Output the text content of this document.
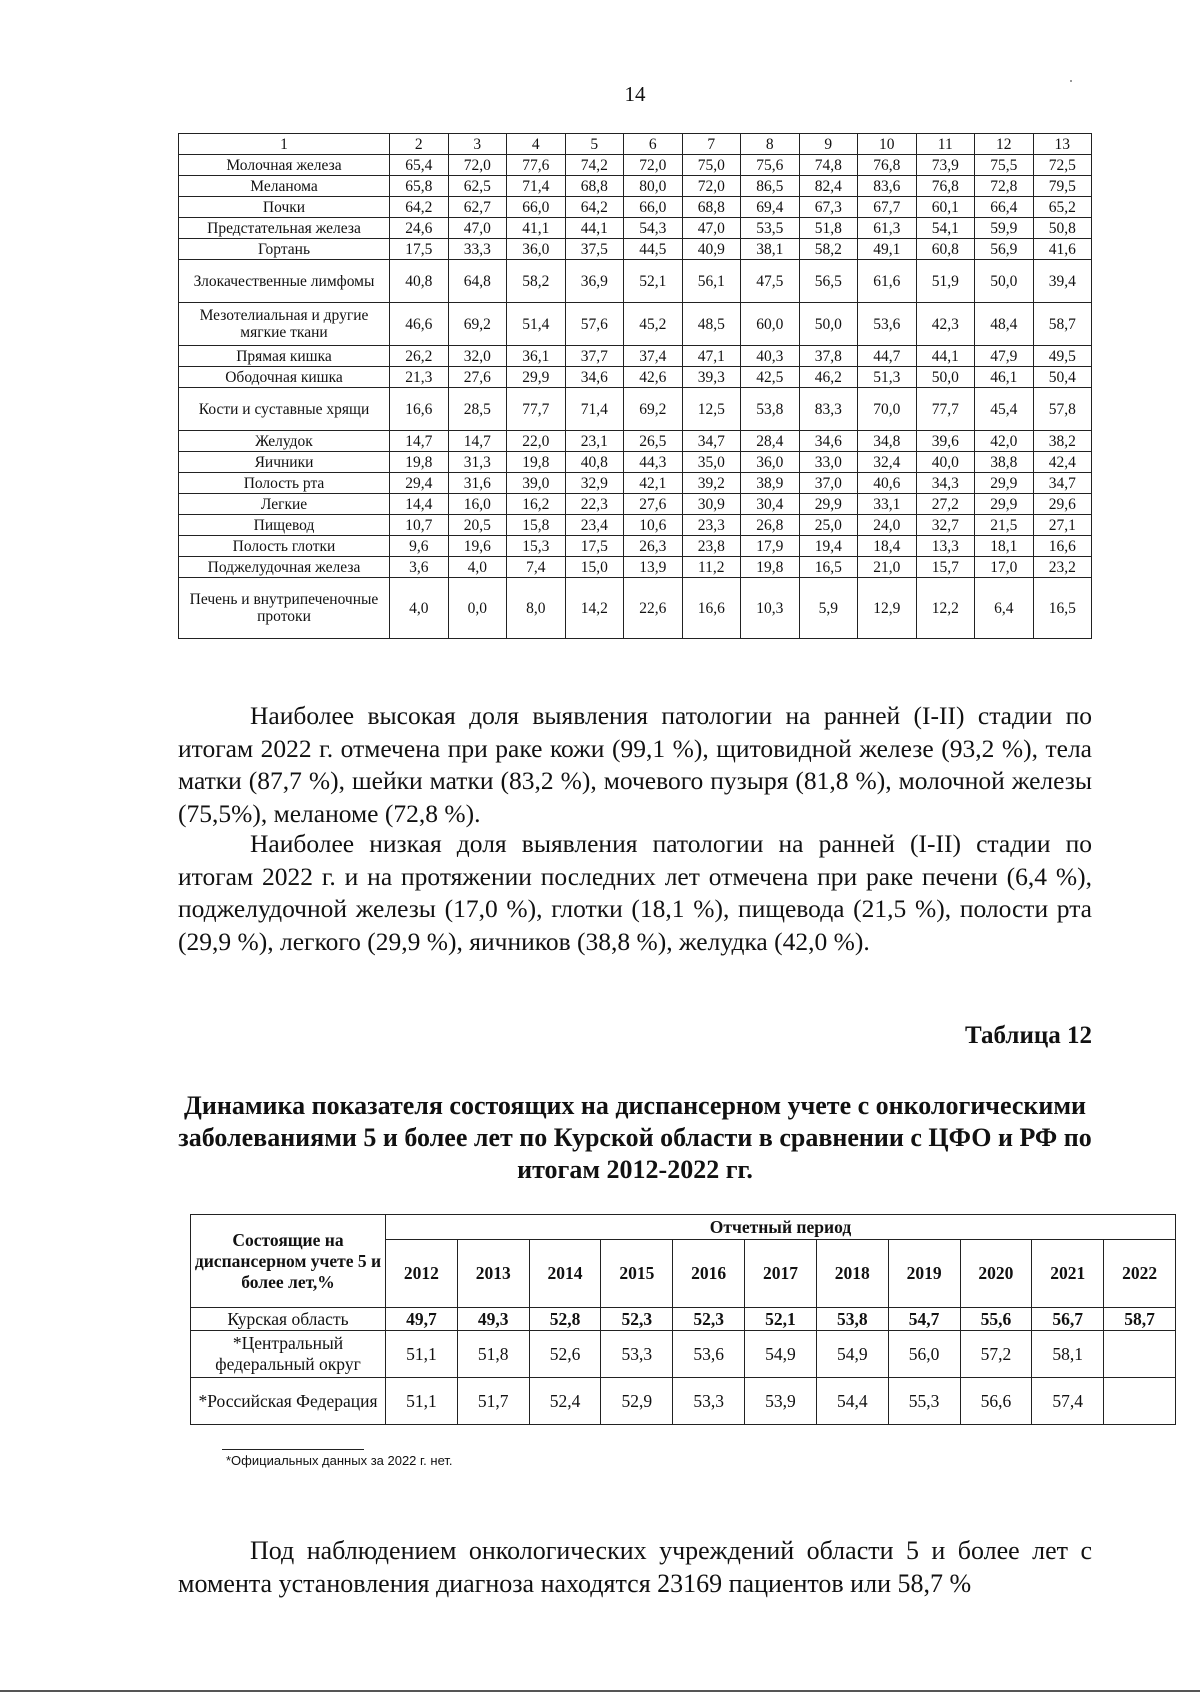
14
1	2	3	4	5	6	7	8	9	10	11	12	13
Молочная железа	65,4	72,0	77,6	74,2	72,0	75,0	75,6	74,8	76,8	73,9	75,5	72,5
Меланома	65,8	62,5	71,4	68,8	80,0	72,0	86,5	82,4	83,6	76,8	72,8	79,5
Почки	64,2	62,7	66,0	64,2	66,0	68,8	69,4	67,3	67,7	60,1	66,4	65,2
Предстательная железа	24,6	47,0	41,1	44,1	54,3	47,0	53,5	51,8	61,3	54,1	59,9	50,8
Гортань	17,5	33,3	36,0	37,5	44,5	40,9	38,1	58,2	49,1	60,8	56,9	41,6
Злокачественные лимфомы	40,8	64,8	58,2	36,9	52,1	56,1	47,5	56,5	61,6	51,9	50,0	39,4
Мезотелиальная и другие мягкие ткани	46,6	69,2	51,4	57,6	45,2	48,5	60,0	50,0	53,6	42,3	48,4	58,7
Прямая кишка	26,2	32,0	36,1	37,7	37,4	47,1	40,3	37,8	44,7	44,1	47,9	49,5
Ободочная кишка	21,3	27,6	29,9	34,6	42,6	39,3	42,5	46,2	51,3	50,0	46,1	50,4
Кости и суставные хрящи	16,6	28,5	77,7	71,4	69,2	12,5	53,8	83,3	70,0	77,7	45,4	57,8
Желудок	14,7	14,7	22,0	23,1	26,5	34,7	28,4	34,6	34,8	39,6	42,0	38,2
Яичники	19,8	31,3	19,8	40,8	44,3	35,0	36,0	33,0	32,4	40,0	38,8	42,4
Полость рта	29,4	31,6	39,0	32,9	42,1	39,2	38,9	37,0	40,6	34,3	29,9	34,7
Легкие	14,4	16,0	16,2	22,3	27,6	30,9	30,4	29,9	33,1	27,2	29,9	29,6
Пищевод	10,7	20,5	15,8	23,4	10,6	23,3	26,8	25,0	24,0	32,7	21,5	27,1
Полость глотки	9,6	19,6	15,3	17,5	26,3	23,8	17,9	19,4	18,4	13,3	18,1	16,6
Поджелудочная железа	3,6	4,0	7,4	15,0	13,9	11,2	19,8	16,5	21,0	15,7	17,0	23,2
Печень и внутрипеченочные протоки	4,0	0,0	8,0	14,2	22,6	16,6	10,3	5,9	12,9	12,2	6,4	16,5
Наиболее высокая доля выявления патологии на ранней (I-II) стадии по итогам 2022 г. отмечена при раке кожи (99,1 %), щитовидной железе (93,2 %), тела матки (87,7 %), шейки матки (83,2 %), мочевого пузыря (81,8 %), молочной железы (75,5%), меланоме (72,8 %).
Наиболее низкая доля выявления патологии на ранней (I-II) стадии по итогам 2022 г. и на протяжении последних лет отмечена при раке печени (6,4 %), поджелудочной железы (17,0 %), глотки (18,1 %), пищевода (21,5 %), полости рта (29,9 %), легкого (29,9 %), яичников (38,8 %), желудка (42,0 %).
Таблица 12
Динамика показателя состоящих на диспансерном учете с онкологическими заболеваниями 5 и более лет по Курской области в сравнении с ЦФО и РФ по итогам 2012-2022 гг.
Состоящие на диспансерном учете 5 и более лет,%	Отчетный период										
	2012	2013	2014	2015	2016	2017	2018	2019	2020	2021	2022
Курская область	49,7	49,3	52,8	52,3	52,3	52,1	53,8	54,7	55,6	56,7	58,7
*Центральный федеральный округ	51,1	51,8	52,6	53,3	53,6	54,9	54,9	56,0	57,2	58,1	
*Российская Федерация	51,1	51,7	52,4	52,9	53,3	53,9	54,4	55,3	56,6	57,4	
*Официальных данных за 2022 г. нет.
Под наблюдением онкологических учреждений области 5 и более лет с момента установления диагноза находятся 23169 пациентов или 58,7 %
